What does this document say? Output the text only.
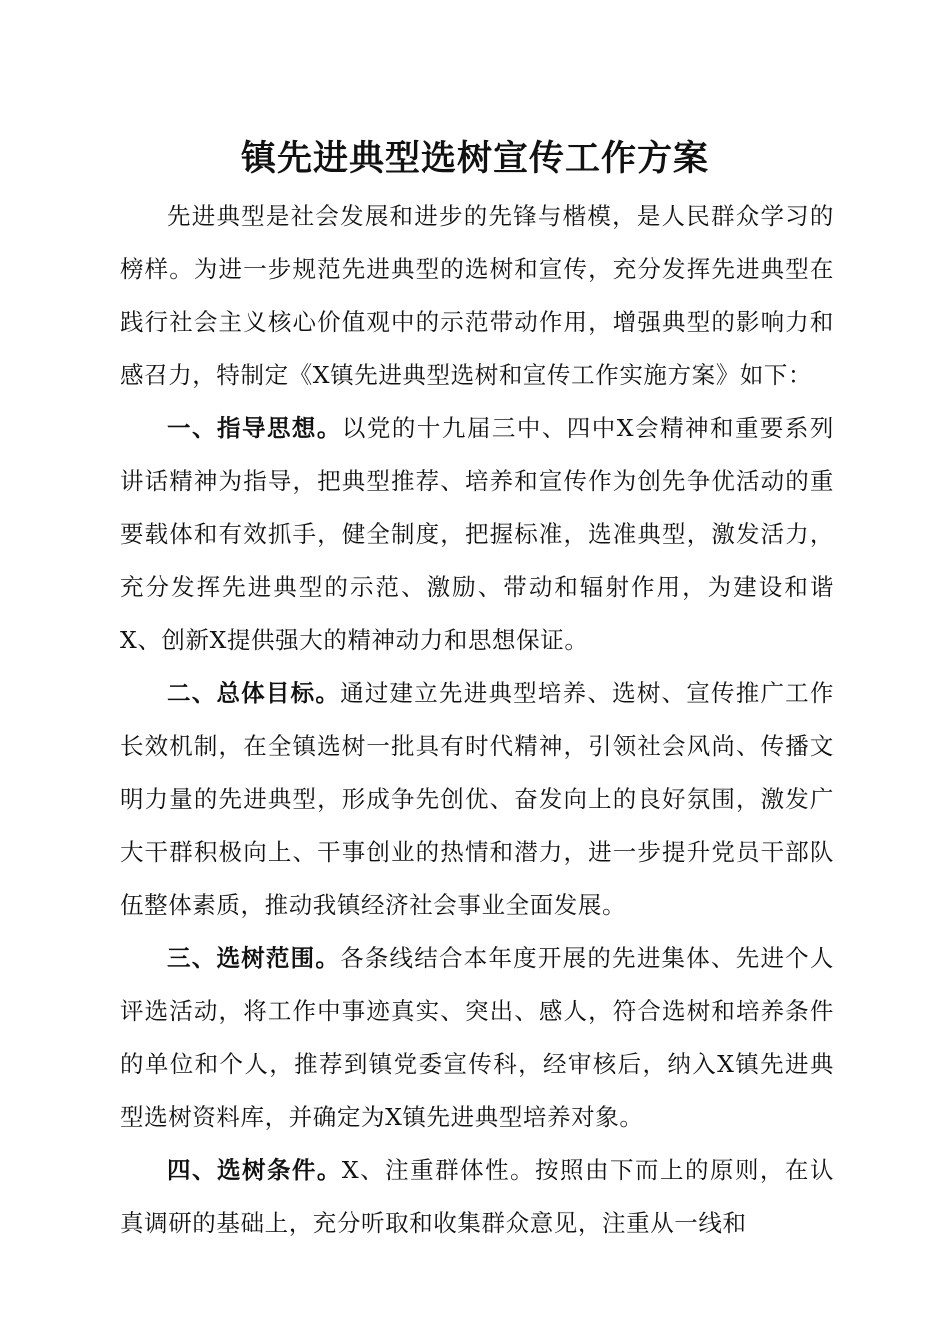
镇先进典型选树宣传工作方案

先进典型是社会发展和进步的先锋与楷模，是人民群众学习的榜样。为进一步规范先进典型的选树和宣传，充分发挥先进典型在践行社会主义核心价值观中的示范带动作用，增强典型的影响力和感召力，特制定《X镇先进典型选树和宣传工作实施方案》如下：

一、指导思想。以党的十九届三中、四中X会精神和重要系列讲话精神为指导，把典型推荐、培养和宣传作为创先争优活动的重要载体和有效抓手，健全制度，把握标准，选准典型，激发活力，充分发挥先进典型的示范、激励、带动和辐射作用，为建设和谐X、创新X提供强大的精神动力和思想保证。

二、总体目标。通过建立先进典型培养、选树、宣传推广工作长效机制，在全镇选树一批具有时代精神，引领社会风尚、传播文明力量的先进典型，形成争先创优、奋发向上的良好氛围，激发广大干群积极向上、干事创业的热情和潜力，进一步提升党员干部队伍整体素质，推动我镇经济社会事业全面发展。

三、选树范围。各条线结合本年度开展的先进集体、先进个人评选活动，将工作中事迹真实、突出、感人，符合选树和培养条件的单位和个人，推荐到镇党委宣传科，经审核后，纳入X镇先进典型选树资料库，并确定为X镇先进典型培养对象。

四、选树条件。X、注重群体性。按照由下而上的原则，在认真调研的基础上，充分听取和收集群众意见，注重从一线和
